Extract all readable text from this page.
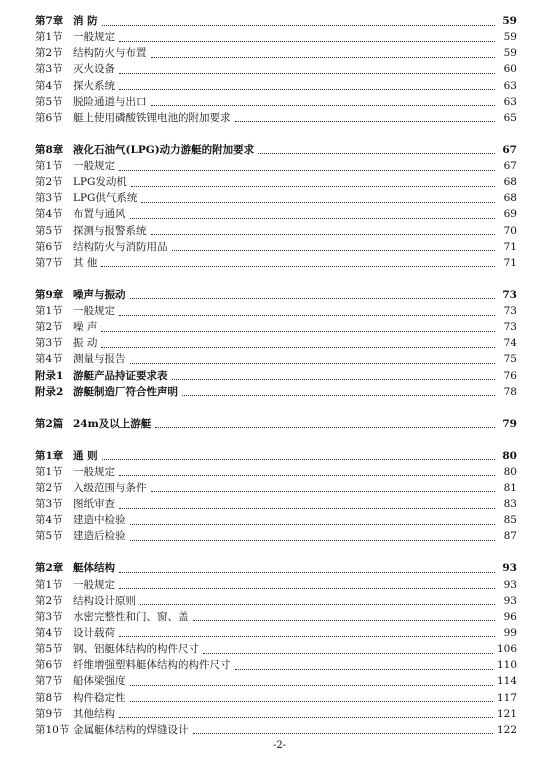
第7章 消 防	59
第1节 一般规定	59
第2节 结构防火与布置	59
第3节 灭火设备	60
第4节 探火系统	63
第5节 脱险通道与出口	63
第6节 艇上使用磷酸铁锂电池的附加要求	65
第8章 液化石油气(LPG)动力游艇的附加要求	67
第1节 一般规定	67
第2节 LPG发动机	68
第3节 LPG供气系统	68
第4节 布置与通风	69
第5节 探测与报警系统	70
第6节 结构防火与消防用品	71
第7节 其 他	71
第9章 噪声与振动	73
第1节 一般规定	73
第2节 噪 声	73
第3节 振 动	74
第4节 测量与报告	75
附录1 游艇产品持证要求表	76
附录2 游艇制造厂符合性声明	78
第2篇 24m及以上游艇	79
第1章 通 则	80
第1节 一般规定	80
第2节 入级范围与条件	81
第3节 图纸审查	83
第4节 建造中检验	85
第5节 建造后检验	87
第2章 艇体结构	93
第1节 一般规定	93
第2节 结构设计原则	93
第3节 水密完整性和门、窗、盖	96
第4节 设计载荷	99
第5节 钢、铝艇体结构的构件尺寸	106
第6节 纤维增强塑料艇体结构的构件尺寸	110
第7节 船体梁强度	114
第8节 构件稳定性	117
第9节 其他结构	121
第10节 金属艇体结构的焊缝设计	122
-2-
